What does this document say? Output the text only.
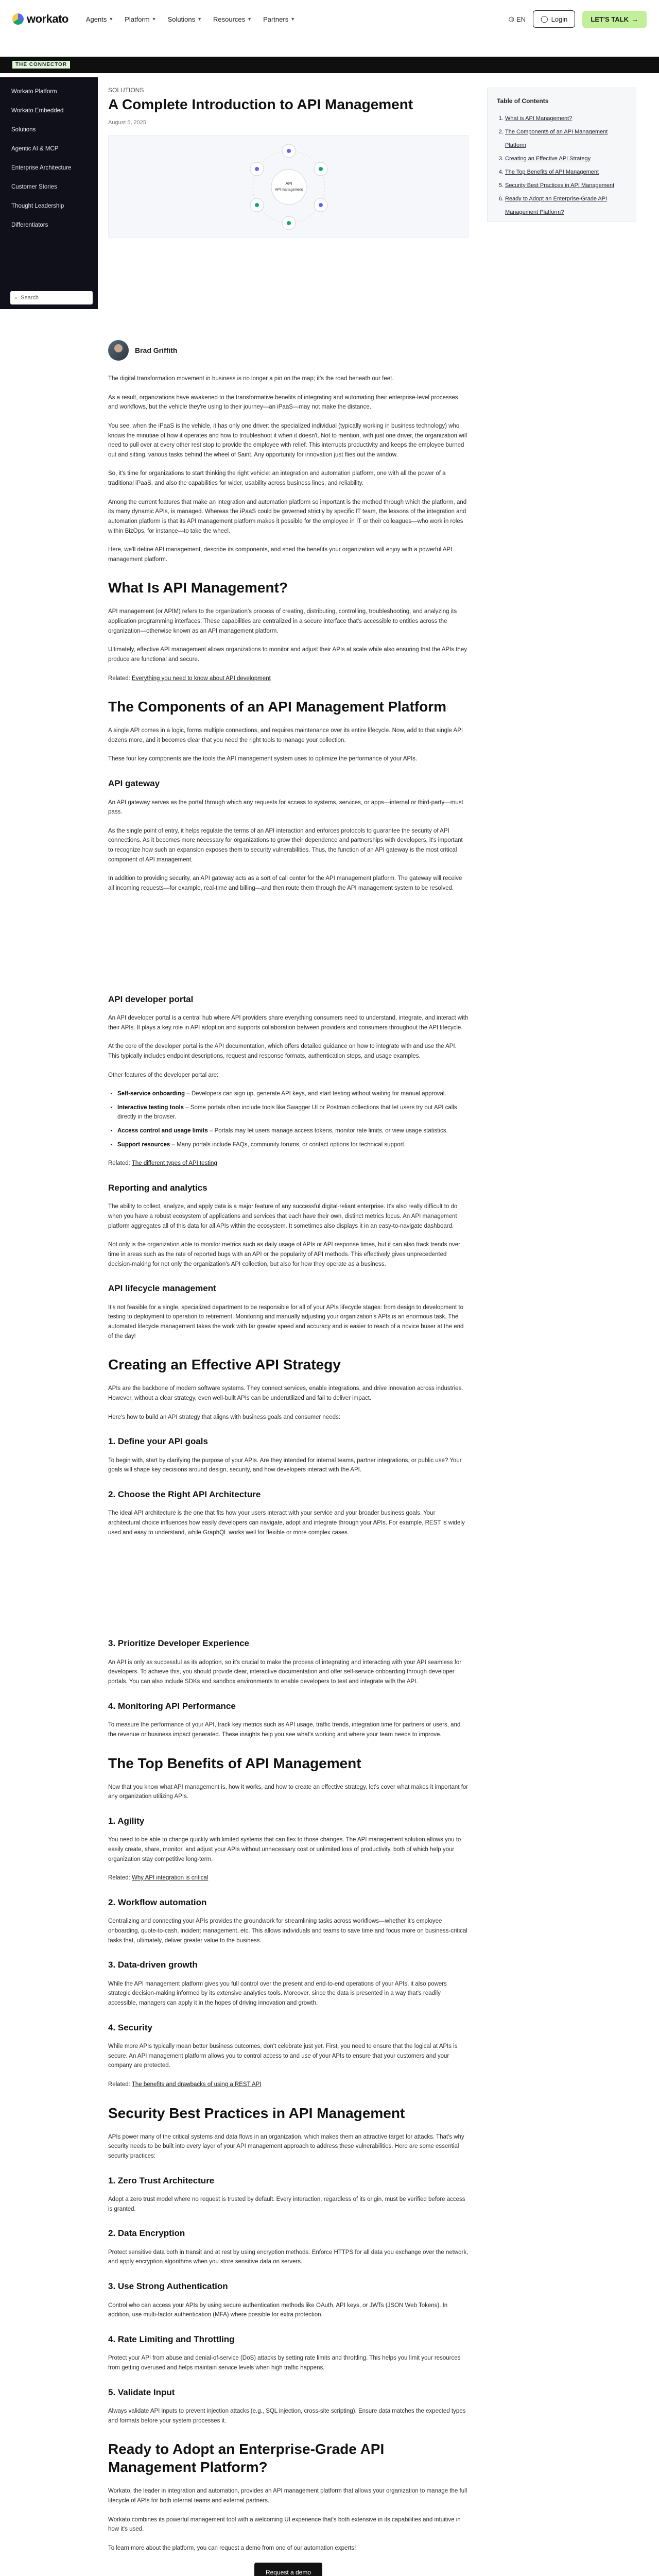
workato	Agents ▼ Platform ▼ Solutions ▼ Resources ▼ Partners ▼	◍ EN ◯ Login	LET'S TALK →
THE CONNECTOR
Workato Platform
Workato Embedded
Solutions
Agentic AI & MCP
Enterprise Architecture
Customer Stories
Thought Leadership
Differentiators
⌕ Search
SOLUTIONS
A Complete Introduction to API Management
August 5, 2025
API
API management
Table of Contents
1. What is API Management?
2. The Components of an API Management Platform
3. Creating an Effective API Strategy
4. The Top Benefits of API Management
5. Security Best Practices in API Management
6. Ready to Adopt an Enterprise-Grade API Management Platform?
Brad Griffith

The digital transformation movement in business is no longer a pin on the map; it's the road beneath our feet.

As a result, organizations have awakened to the transformative benefits of integrating and automating their enterprise-level processes and workflows, but the vehicle they're using to their journey—an iPaaS—may not make the distance.

You see, when the iPaaS is the vehicle, it has only one driver: the specialized individual (typically working in business technology) who knows the minutiae of how it operates and how to troubleshoot it when it doesn't. Not to mention, with just one driver, the organization will need to pull over at every other rest stop to provide the employee with relief. This interrupts productivity and keeps the employee burned out and sitting, various tasks behind the wheel of Saint. Any opportunity for innovation just flies out the window.

So, it's time for organizations to start thinking the right vehicle: an integration and automation platform, one with all the power of a traditional iPaaS, and also the capabilities for wider, usability across business lines, and reliability.

Among the current features that make an integration and automation platform so important is the method through which the platform, and its many dynamic APIs, is managed. Whereas the iPaaS could be governed strictly by specific IT team, the lessons of the integration and automation platform is that its API management platform makes it possible for the employee in IT or their colleagues—who work in roles within BizOps, for instance—to take the wheel.

Here, we'll define API management, describe its components, and shed the benefits your organization will enjoy with a powerful API management platform.

What Is API Management?

API management (or APIM) refers to the organization's process of creating, distributing, controlling, troubleshooting, and analyzing its application programming interfaces. These capabilities are centralized in a secure interface that's accessible to entities across the organization—otherwise known as an API management platform.

Ultimately, effective API management allows organizations to monitor and adjust their APIs at scale while also ensuring that the APIs they produce are functional and secure.

Related: Everything you need to know about API development

The Components of an API Management Platform

A single API comes in a logic, forms multiple connections, and requires maintenance over its entire lifecycle. Now, add to that single API dozens more, and it becomes clear that you need the right tools to manage your collection.

These four key components are the tools the API management system uses to optimize the performance of your APIs.

API gateway

An API gateway serves as the portal through which any requests for access to systems, services, or apps—internal or third-party—must pass.

As the single point of entry, it helps regulate the terms of an API interaction and enforces protocols to guarantee the security of API connections. As it becomes more necessary for organizations to grow their dependence and partnerships with developers, it's important to recognize how such an expansion exposes them to security vulnerabilities. Thus, the function of an API gateway is the most critical component of API management.

In addition to providing security, an API gateway acts as a sort of call center for the API management platform. The gateway will receive all incoming requests—for example, real-time and billing—and then route them through the API management system to be resolved.

API developer portal

An API developer portal is a central hub where API providers share everything consumers need to understand, integrate, and interact with their APIs. It plays a key role in API adoption and supports collaboration between providers and consumers throughout the API lifecycle.

At the core of the developer portal is the API documentation, which offers detailed guidance on how to integrate with and use the API. This typically includes endpoint descriptions, request and response formats, authentication steps, and usage examples.

Other features of the developer portal are:

• Self-service onboarding – Developers can sign up, generate API keys, and start testing without waiting for manual approval.
• Interactive testing tools – Some portals often include tools like Swagger UI or Postman collections that let users try out API calls directly in the browser.
• Access control and usage limits – Portals may let users manage access tokens, monitor rate limits, or view usage statistics.
• Support resources – Many portals include FAQs, community forums, or contact options for technical support.

Related: The different types of API testing

Reporting and analytics

The ability to collect, analyze, and apply data is a major feature of any successful digital-reliant enterprise. It's also really difficult to do when you have a robust ecosystem of applications and services that each have their own, distinct metrics focus. An API management platform aggregates all of this data for all APIs within the ecosystem. It sometimes also displays it in an easy-to-navigate dashboard.

Not only is the organization able to monitor metrics such as daily usage of APIs or API response times, but it can also track trends over time in areas such as the rate of reported bugs with an API or the popularity of API methods. This effectively gives unprecedented decision-making for not only the organization's API collection, but also for how they operate as a business.

API lifecycle management

It's not feasible for a single, specialized department to be responsible for all of your APIs lifecycle stages: from design to development to testing to deployment to operation to retirement. Monitoring and manually adjusting your organization's APIs is an enormous task. The automated lifecycle management takes the work with far greater speed and accuracy and is easier to reach of a novice buser at the end of the day!

Creating an Effective API Strategy

APIs are the backbone of modern software systems. They connect services, enable integrations, and drive innovation across industries. However, without a clear strategy, even well-built APIs can be underutilized and fail to deliver impact.

Here's how to build an API strategy that aligns with business goals and consumer needs:

1. Define your API goals

To begin with, start by clarifying the purpose of your APIs. Are they intended for internal teams, partner integrations, or public use? Your goals will shape key decisions around design, security, and how developers interact with the API.

2. Choose the Right API Architecture

The ideal API architecture is the one that fits how your users interact with your service and your broader business goals. Your architectural choice influences how easily developers can navigate, adopt and integrate through your APIs. For example, REST is widely used and easy to understand, while GraphQL works well for flexible or more complex cases.

3. Prioritize Developer Experience

An API is only as successful as its adoption, so it's crucial to make the process of integrating and interacting with your API seamless for developers. To achieve this, you should provide clear, interactive documentation and offer self-service onboarding through developer portals. You can also include SDKs and sandbox environments to enable developers to test and integrate with the API.

4. Monitoring API Performance

To measure the performance of your API, track key metrics such as API usage, traffic trends, integration time for partners or users, and the revenue or business impact generated. These insights help you see what's working and where your team needs to improve.

The Top Benefits of API Management

Now that you know what API management is, how it works, and how to create an effective strategy, let's cover what makes it important for any organization utilizing APIs.

1. Agility

You need to be able to change quickly with limited systems that can flex to those changes. The API management solution allows you to easily create, share, monitor, and adjust your APIs without unnecessary cost or unlimited loss of productivity, both of which help your organization stay competitive long-term.

Related: Why API integration is critical

2. Workflow automation

Centralizing and connecting your APIs provides the groundwork for streamlining tasks across workflows—whether it's employee onboarding, quote-to-cash, incident management, etc. This allows individuals and teams to save time and focus more on business-critical tasks that, ultimately, deliver greater value to the business.

3. Data-driven growth

While the API management platform gives you full control over the present and end-to-end operations of your APIs, it also powers strategic decision-making informed by its extensive analytics tools. Moreover, since the data is presented in a way that's readily accessible, managers can apply it in the hopes of driving innovation and growth.

4. Security

While more APIs typically mean better business outcomes, don't celebrate just yet. First, you need to ensure that the logical at APIs is secure. An API management platform allows you to control access to and use of your APIs to ensure that your customers and your company are protected.

Related: The benefits and drawbacks of using a REST API

Security Best Practices in API Management

APIs power many of the critical systems and data flows in an organization, which makes them an attractive target for attacks. That's why security needs to be built into every layer of your API management approach to address these vulnerabilities. Here are some essential security practices:

1. Zero Trust Architecture

Adopt a zero trust model where no request is trusted by default. Every interaction, regardless of its origin, must be verified before access is granted.

2. Data Encryption

Protect sensitive data both in transit and at rest by using encryption methods. Enforce HTTPS for all data you exchange over the network, and apply encryption algorithms when you store sensitive data on servers.

3. Use Strong Authentication

Control who can access your APIs by using secure authentication methods like OAuth, API keys, or JWTs (JSON Web Tokens). In addition, use multi-factor authentication (MFA) where possible for extra protection.

4. Rate Limiting and Throttling

Protect your API from abuse and denial-of-service (DoS) attacks by setting rate limits and throttling. This helps you limit your resources from getting overused and helps maintain service levels when high traffic happens.

5. Validate Input

Always validate API inputs to prevent injection attacks (e.g., SQL injection, cross-site scripting). Ensure data matches the expected types and formats before your system processes it.

Ready to Adopt an Enterprise-Grade API Management Platform?

Workato, the leader in integration and automation, provides an API management platform that allows your organization to manage the full lifecycle of APIs for both internal teams and external partners.

Workato combines its powerful management tool with a welcoming UI experience that's both extensive in its capabilities and intuitive in how it's used.

To learn more about the platform, you can request a demo from one of our automation experts!

Request a demo
